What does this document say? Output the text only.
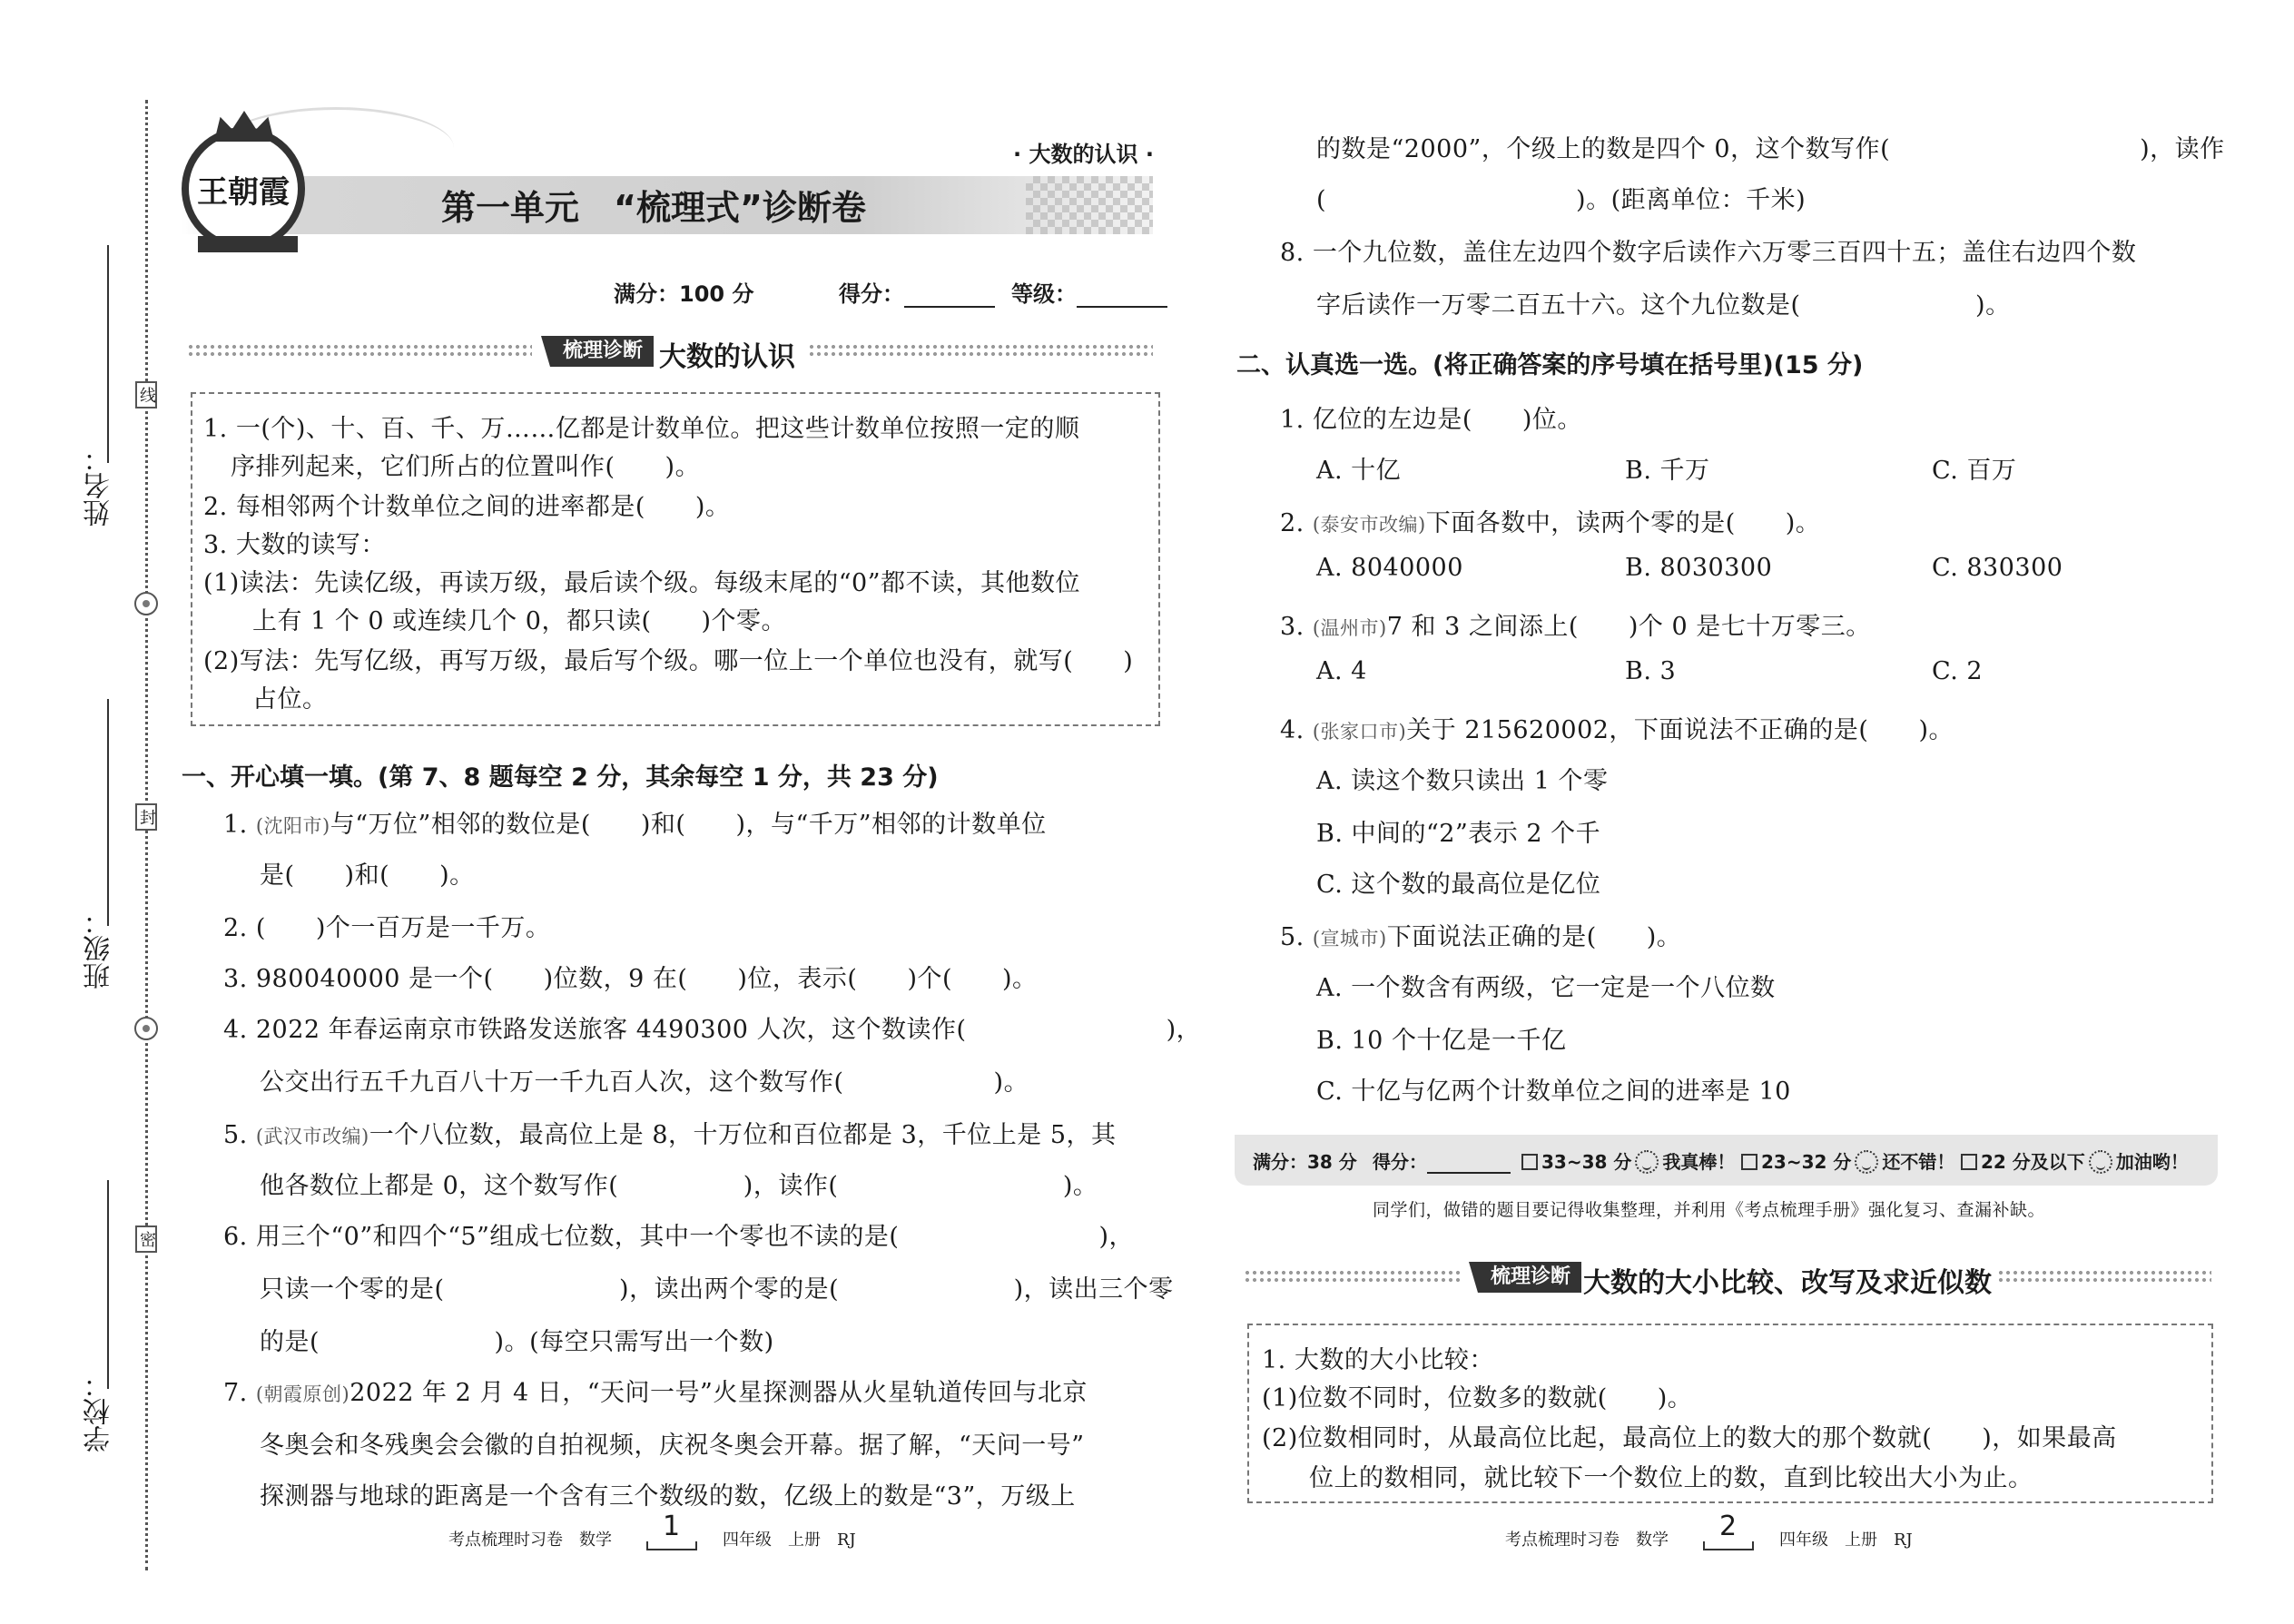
姓名：
班级：
学校：
线
封
密
王朝霞
· 大数的认识 ·
第一单元　“梳理式”诊断卷
满分：100 分	得分：	等级：
梳理诊断 大数的认识
1. 一(个)、十、百、千、万……亿都是计数单位。把这些计数单位按照一定的顺
序排列起来，它们所占的位置叫作(　　)。
2. 每相邻两个计数单位之间的进率都是(　　)。
3. 大数的读写：
(1)读法：先读亿级，再读万级，最后读个级。每级末尾的“0”都不读，其他数位
上有 1 个 0 或连续几个 0，都只读(　　)个零。
(2)写法：先写亿级，再写万级，最后写个级。哪一位上一个单位也没有，就写(　　)
占位。
一、开心填一填。(第 7、8 题每空 2 分，其余每空 1 分，共 23 分)
1. (沈阳市)与“万位”相邻的数位是(　　)和(　　)，与“千万”相邻的计数单位
是(　　)和(　　)。
2. (　　)个一百万是一千万。
3. 980040000 是一个(　　)位数，9 在(　　)位，表示(　　)个(　　)。
4. 2022 年春运南京市铁路发送旅客 4490300 人次，这个数读作(　　　　　　　　)，
公交出行五千九百八十万一千九百人次，这个数写作(　　　　　　)。
5. (武汉市改编)一个八位数，最高位上是 8，十万位和百位都是 3，千位上是 5，其
他各数位上都是 0，这个数写作(　　　　　)，读作(　　　　　　　　　)。
6. 用三个“0”和四个“5”组成七位数，其中一个零也不读的是(　　　　　　　　)，
只读一个零的是(　　　　　　　)，读出两个零的是(　　　　　　　)，读出三个零
的是(　　　　　　　)。(每空只需写出一个数)
7. (朝霞原创)2022 年 2 月 4 日，“天问一号”火星探测器从火星轨道传回与北京
冬奥会和冬残奥会会徽的自拍视频，庆祝冬奥会开幕。据了解，“天问一号”
探测器与地球的距离是一个含有三个数级的数，亿级上的数是“3”，万级上
考点梳理时习卷　数学 1	四年级　上册　RJ
的数是“2000”，个级上的数是四个 0，这个数写作(　　　　　　　　　　)，读作
(　　　　　　　　　　)。(距离单位：千米)
8. 一个九位数，盖住左边四个数字后读作六万零三百四十五；盖住右边四个数
字后读作一万零二百五十六。这个九位数是(　　　　　　　)。
二、认真选一选。(将正确答案的序号填在括号里)(15 分)
1. 亿位的左边是(　　)位。
A. 十亿	B. 千万	C. 百万
2. (泰安市改编)下面各数中，读两个零的是(　　)。
A. 8040000	B. 8030300	C. 830300
3. (温州市)7 和 3 之间添上(　　)个 0 是七十万零三。
A. 4	B. 3	C. 2
4. (张家口市)关于 215620002，下面说法不正确的是(　　)。
A. 读这个数只读出 1 个零
B. 中间的“2”表示 2 个千
C. 这个数的最高位是亿位
5. (宣城市)下面说法正确的是(　　)。
A. 一个数含有两级，它一定是一个八位数
B. 10 个十亿是一千亿
C. 十亿与亿两个计数单位之间的进率是 10
满分：38 分 得分：	33~38 分 我真棒！	23~32 分 还不错！	22 分及以下 加油哟！
同学们，做错的题目要记得收集整理，并利用《考点梳理手册》强化复习、查漏补缺。
梳理诊断 大数的大小比较、改写及求近似数
1. 大数的大小比较：
(1)位数不同时，位数多的数就(　　)。
(2)位数相同时，从最高位比起，最高位上的数大的那个数就(　　)，如果最高
位上的数相同，就比较下一个数位上的数，直到比较出大小为止。
考点梳理时习卷　数学 2	四年级　上册　RJ
